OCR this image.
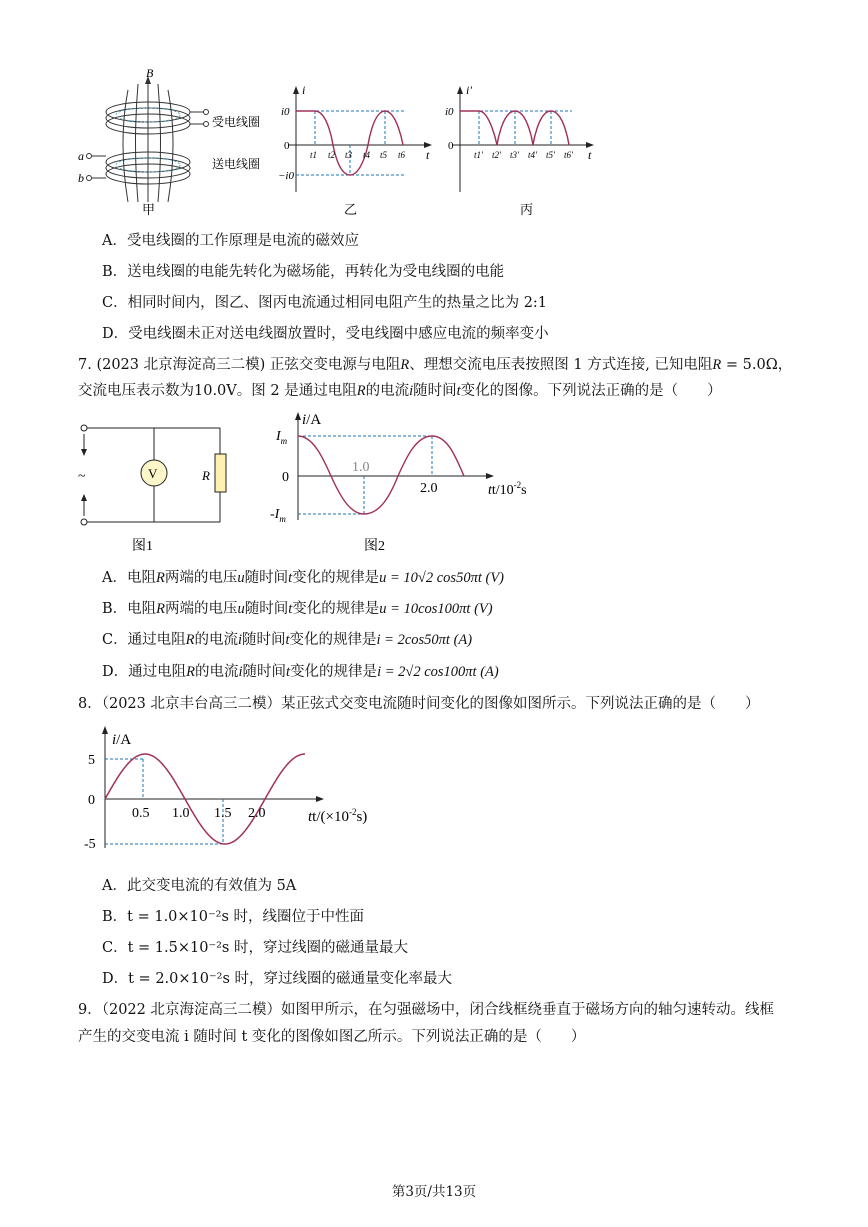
B
a
b
受电线圈
送电线圈
甲
i
i0
0
−i0
t
t1 t2 t3 t4 t5 t6
乙
i'
i0
0
t
t1' t2' t3' t4' t5' t6'
丙
A．受电线圈的工作原理是电流的磁效应
B．送电线圈的电能先转化为磁场能，再转化为受电线圈的电能
C．相同时间内，图乙、图丙电流通过相同电阻产生的热量之比为 2:1
D．受电线圈未正对送电线圈放置时，受电线圈中感应电流的频率变小
7. (2023 北京海淀高三二模) 正弦交变电源与电阻R、理想交流电压表按照图 1 方式连接, 已知电阻R = 5.0Ω，
交流电压表示数为10.0V。图 2 是通过电阻R的电流i随时间t变化的图像。下列说法正确的是（　　）
V	R
~
图1
i/A
$I_m$
0
$-I_m$
1.0
2.0	$tt/10^{-2}s$
图2
A．电阻R两端的电压u随时间t变化的规律是u = 10√2 cos50πt (V)
B．电阻R两端的电压u随时间t变化的规律是u = 10cos100πt (V)
C．通过电阻R的电流i随时间t变化的规律是i = 2cos50πt (A)
D．通过电阻R的电流i随时间t变化的规律是i = 2√2 cos100πt (A)
8．（2023 北京丰台高三二模）某正弦式交变电流随时间变化的图像如图所示。下列说法正确的是（　　）
i/A
5
0
-5
0.5 1.0 1.5 2.0	$tt/(\times 10^{-2}s)$
A．此交变电流的有效值为 5A
B．t = 1.0×10⁻²s 时，线圈位于中性面
C．t = 1.5×10⁻²s 时，穿过线圈的磁通量最大
D．t = 2.0×10⁻²s 时，穿过线圈的磁通量变化率最大
9．（2022 北京海淀高三二模）如图甲所示，在匀强磁场中，闭合线框绕垂直于磁场方向的轴匀速转动。线框
产生的交变电流 i 随时间 t 变化的图像如图乙所示。下列说法正确的是（　　）
第3页/共13页
